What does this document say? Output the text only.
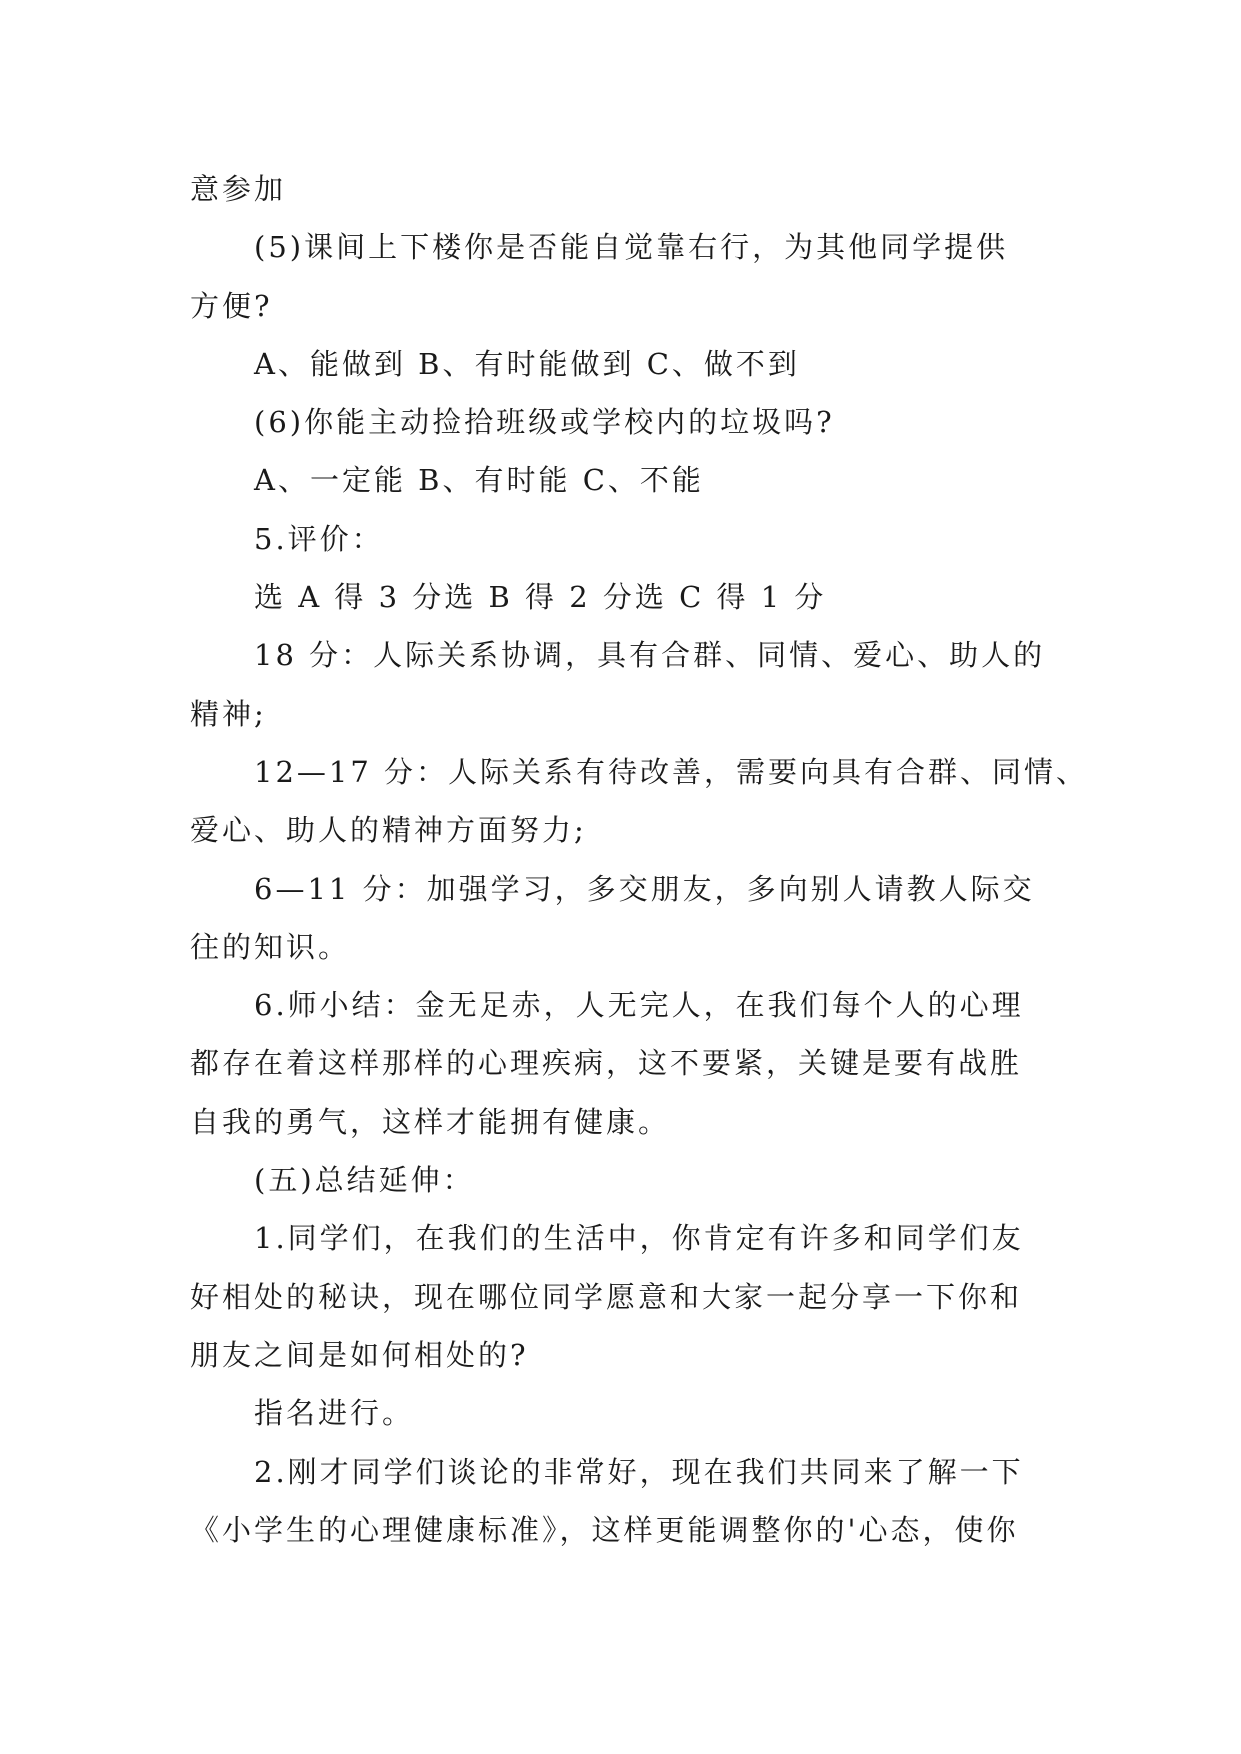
意参加
(5)课间上下楼你是否能自觉靠右行，为其他同学提供
方便?
A、能做到 B、有时能做到 C、做不到
(6)你能主动捡拾班级或学校内的垃圾吗?
A、一定能 B、有时能 C、不能
5.评价：
选 A 得 3 分选 B 得 2 分选 C 得 1 分
18 分：人际关系协调，具有合群、同情、爱心、助人的
精神;
12—17 分：人际关系有待改善，需要向具有合群、同情、
爱心、助人的精神方面努力;
6—11 分：加强学习，多交朋友，多向别人请教人际交
往的知识。
6.师小结：金无足赤，人无完人，在我们每个人的心理
都存在着这样那样的心理疾病，这不要紧，关键是要有战胜
自我的勇气，这样才能拥有健康。
(五)总结延伸：
1.同学们，在我们的生活中，你肯定有许多和同学们友
好相处的秘诀，现在哪位同学愿意和大家一起分享一下你和
朋友之间是如何相处的?
指名进行。
2.刚才同学们谈论的非常好，现在我们共同来了解一下
《小学生的心理健康标准》，这样更能调整你的'心态，使你
